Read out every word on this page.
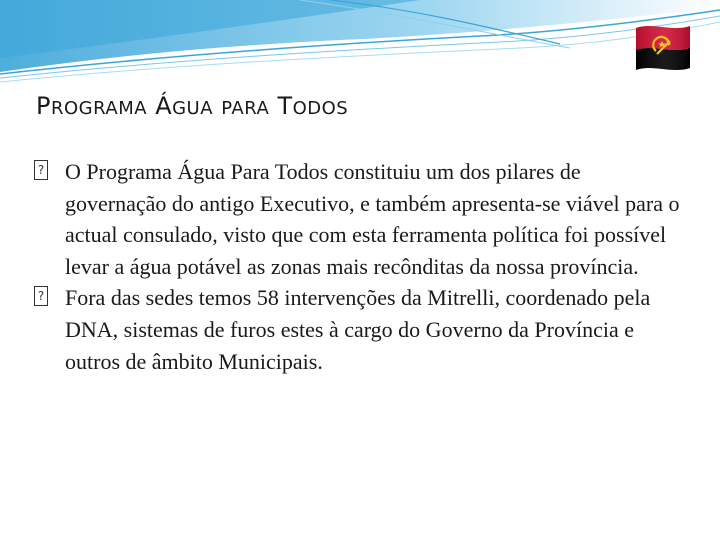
PROGRAMA ÁGUA PARA TODOS

? O Programa Água Para Todos constituiu um dos pilares de governação do antigo Executivo, e também apresenta-se viável para o actual consulado, visto que com esta ferramenta política foi possível levar a água potável as zonas mais recônditas da nossa província.

? Fora das sedes temos 58 intervenções da Mitrelli, coordenado pela DNA, sistemas de furos estes à cargo do Governo da Província e outros de âmbito Municipais.
